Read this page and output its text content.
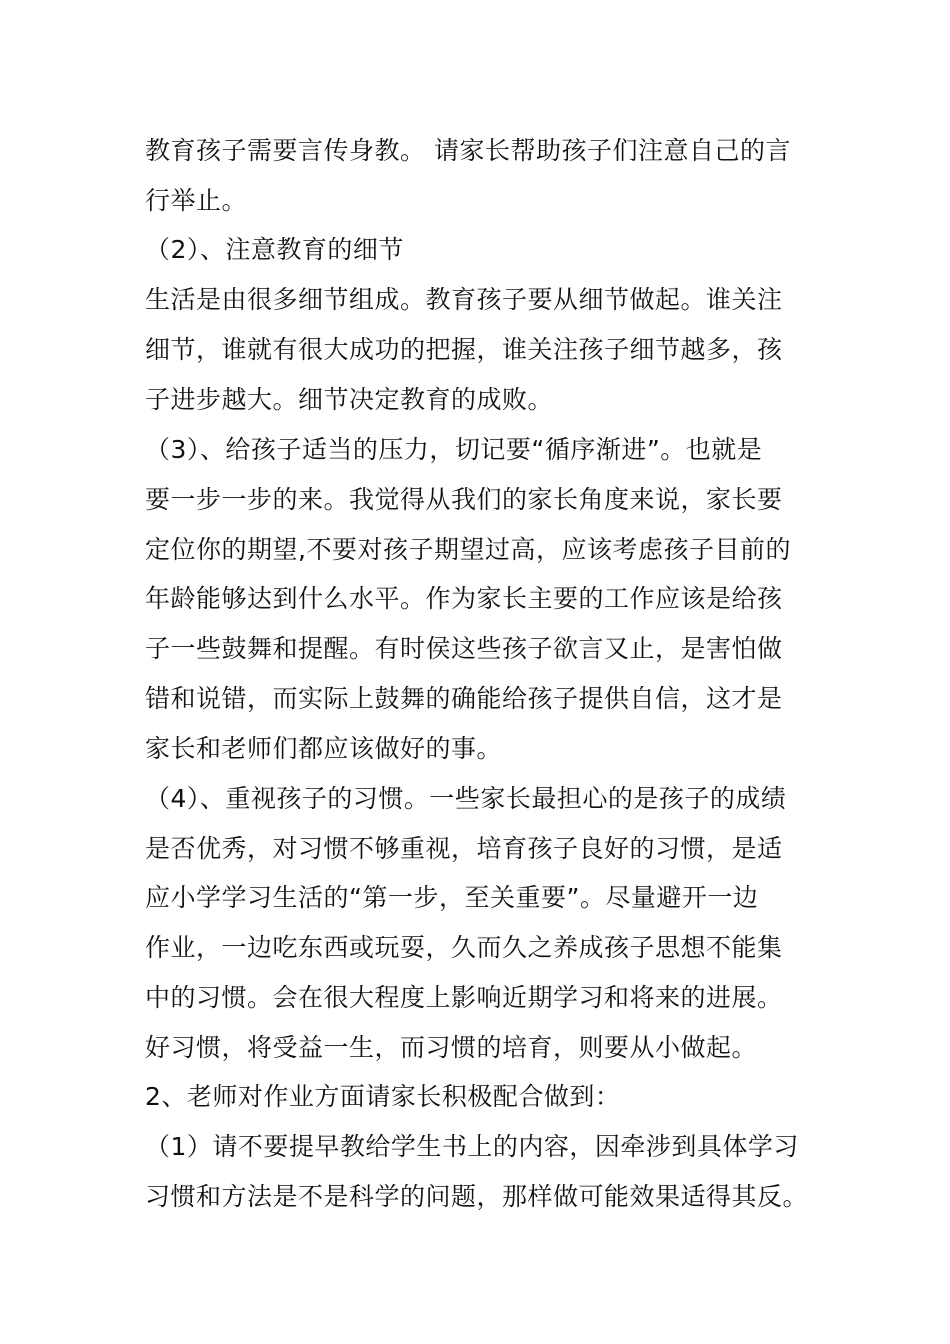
教育孩子需要言传身教。 请家长帮助孩子们注意自己的言
行举止。
（2）、注意教育的细节
生活是由很多细节组成。教育孩子要从细节做起。谁关注
细节，谁就有很大成功的把握，谁关注孩子细节越多，孩
子进步越大。细节决定教育的成败。
（3）、给孩子适当的压力，切记要“循序渐进”。也就是
要一步一步的来。我觉得从我们的家长角度来说，家长要
定位你的期望,不要对孩子期望过高，应该考虑孩子目前的
年龄能够达到什么水平。作为家长主要的工作应该是给孩
子一些鼓舞和提醒。有时侯这些孩子欲言又止，是害怕做
错和说错，而实际上鼓舞的确能给孩子提供自信，这才是
家长和老师们都应该做好的事。
（4）、重视孩子的习惯。一些家长最担心的是孩子的成绩
是否优秀，对习惯不够重视，培育孩子良好的习惯，是适
应小学学习生活的“第一步，至关重要”。尽量避开一边
作业，一边吃东西或玩耍，久而久之养成孩子思想不能集
中的习惯。会在很大程度上影响近期学习和将来的进展。
好习惯，将受益一生，而习惯的培育，则要从小做起。
2、老师对作业方面请家长积极配合做到：
（1）请不要提早教给学生书上的内容，因牵涉到具体学习
习惯和方法是不是科学的问题，那样做可能效果适得其反。
